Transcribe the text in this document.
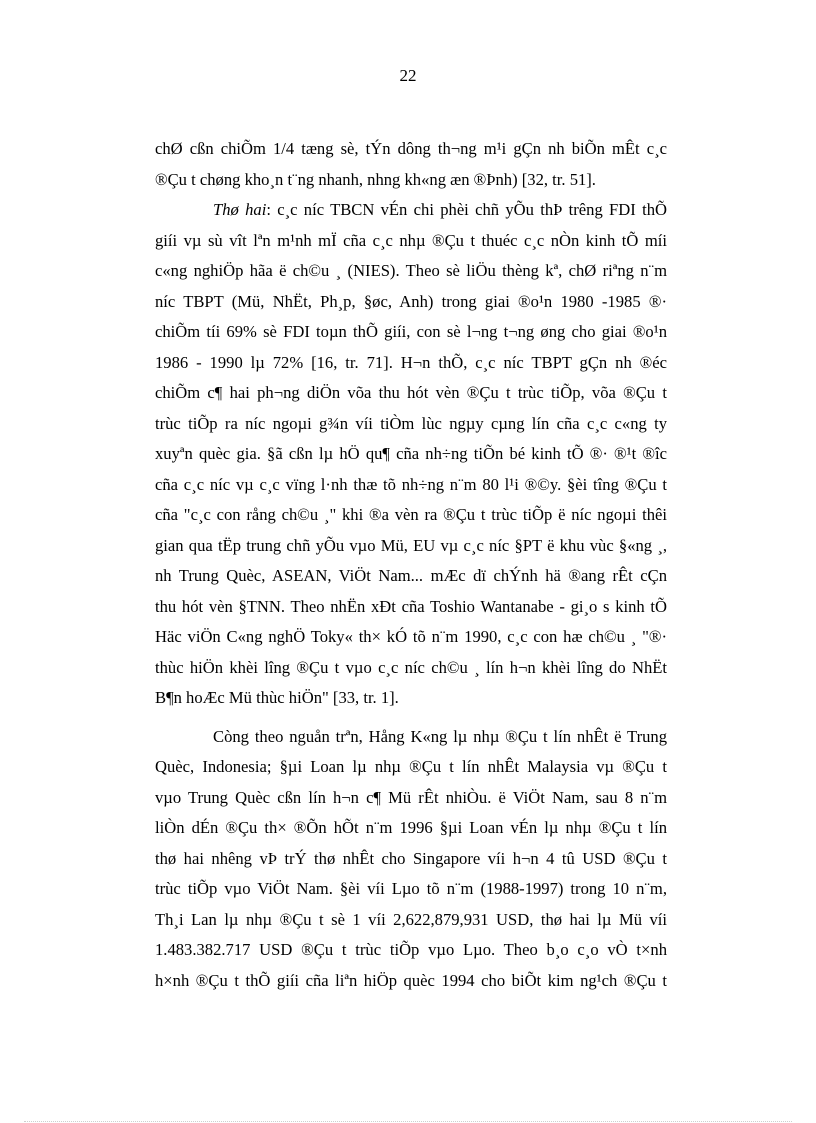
22
chØ cßn chiÕm 1/4 tæng sè, tÝn dông th¬ng m¹i gÇn nh biÕn mÊt c¸c
®Çu t chøng kho¸n t¨ng nhanh, nhng kh«ng æn ®Þnh) [32, tr. 51].
Thø hai: c¸c níc TBCN vÉn chi phèi chñ yÕu thÞ trêng FDI thÕ
giíi vµ sù vît lªn m¹nh mÏ cña c¸c nhµ ®Çu t thuéc c¸c nÒn kinh tÕ míi
c«ng nghiÖp hãa ë ch©u ¸ (NIES). Theo sè liÖu thèng kª, chØ riªng n¨m
níc TBPT (Mü, NhËt, Ph¸p, §øc, Anh) trong giai ®o¹n 1980 -1985 ®·
chiÕm tíi 69% sè FDI toµn thÕ giíi, con sè l¬ng t¬ng øng cho giai ®o¹n
1986 - 1990 lµ 72% [16, tr. 71]. H¬n thÕ, c¸c níc TBPT gÇn nh ®éc
chiÕm c¶ hai ph¬ng diÖn võa thu hót vèn ®Çu t trùc tiÕp, võa ®Çu t
trùc tiÕp ra níc ngoµi g¾n víi tiÒm lùc ngµy cµng lín cña c¸c c«ng ty
xuyªn quèc gia. §ã cßn lµ hÖ qu¶ cña nh÷ng tiÕn bé kinh tÕ ®· ®¹t ®îc
cña c¸c níc vµ c¸c vïng l·nh thæ tõ nh÷ng n¨m 80 l¹i ®©y. §èi tîng ®Çu t
cña "c¸c con rång ch©u ¸" khi ®a vèn ra ®Çu t trùc tiÕp ë níc ngoµi thêi
gian qua tËp trung chñ yÕu vµo Mü, EU vµ c¸c níc §PT ë khu vùc §«ng ¸,
nh Trung Quèc, ASEAN, ViÖt Nam... mÆc dï chÝnh hä ®ang rÊt cÇn
thu hót vèn §TNN. Theo nhËn xÐt cña Toshio Wantanabe - gi¸o s kinh tÕ
Häc viÖn C«ng nghÖ Toky« th× kÓ tõ n¨m 1990, c¸c con hæ ch©u ¸ "®·
thùc hiÖn khèi lîng ®Çu t vµo c¸c níc ch©u ¸ lín h¬n khèi lîng do NhËt
B¶n hoÆc Mü thùc hiÖn" [33, tr. 1].
Còng theo nguån trªn, Hång K«ng lµ nhµ ®Çu t lín nhÊt ë Trung
Quèc, Indonesia; §µi Loan lµ nhµ ®Çu t lín nhÊt Malaysia vµ ®Çu t
vµo Trung Quèc cßn lín h¬n c¶ Mü rÊt nhiÒu. ë ViÖt Nam, sau 8 n¨m
liÒn dÉn ®Çu th× ®Õn hÕt n¨m 1996 §µi Loan vÉn lµ nhµ ®Çu t lín
thø hai nhêng vÞ trÝ thø nhÊt cho Singapore víi h¬n 4 tû USD ®Çu t
trùc tiÕp vµo ViÖt Nam. §èi víi Lµo tõ n¨m (1988-1997) trong 10 n¨m,
Th¸i Lan lµ nhµ ®Çu t sè 1 víi 2,622,879,931 USD, thø hai lµ Mü víi
1.483.382.717 USD ®Çu t trùc tiÕp vµo Lµo. Theo b¸o c¸o vÒ t×nh
h×nh ®Çu t thÕ giíi cña liªn hiÖp quèc 1994 cho biÕt kim ng¹ch ®Çu t
